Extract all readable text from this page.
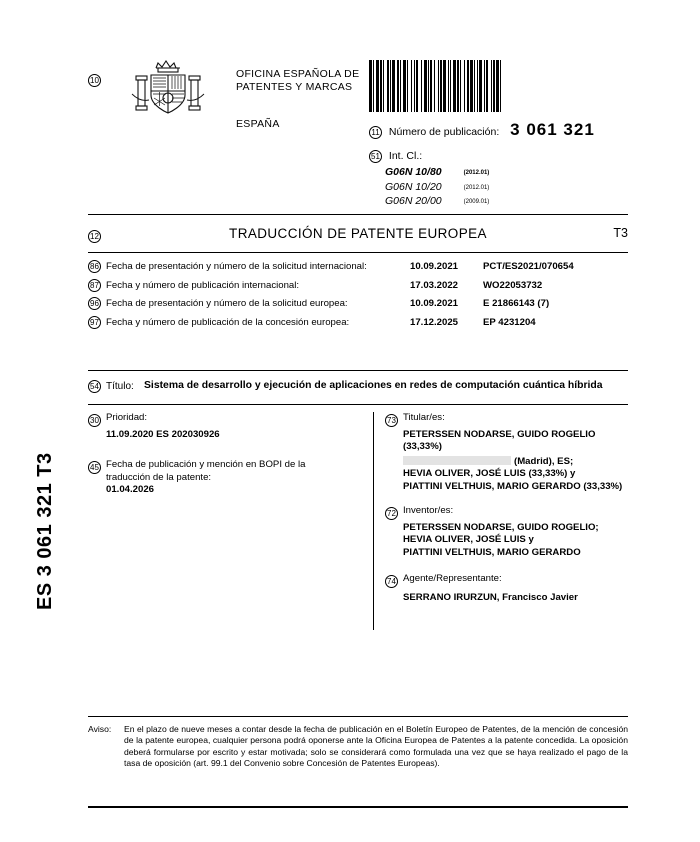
ES 3 061 321 T3
10
OFICINA ESPAÑOLA DE
PATENTES Y MARCAS
ESPAÑA
11 Número de publicación: 3 061 321
51 Int. Cl.:
G06N 10/80	(2012.01)
G06N 10/20	(2012.01)
G06N 20/00	(2009.01)
12	TRADUCCIÓN DE PATENTE EUROPEA	T3
86 Fecha de presentación y número de la solicitud internacional:	10.09.2021	PCT/ES2021/070654
87 Fecha y número de publicación internacional:	17.03.2022	WO22053732
96 Fecha de presentación y número de la solicitud europea:	10.09.2021	E 21866143 (7)
97 Fecha y número de publicación de la concesión europea:	17.12.2025	EP 4231204
54 Título: Sistema de desarrollo y ejecución de aplicaciones en redes de computación cuántica híbrida
30 Prioridad:
11.09.2020 ES 202030926
45 Fecha de publicación y mención en BOPI de la
traducción de la patente:
01.04.2026
73 Titular/es:
PETERSSEN NODARSE, GUIDO ROGELIO
(33,33%)
(Madrid), ES;
HEVIA OLIVER, JOSÉ LUIS (33,33%) y
PIATTINI VELTHUIS, MARIO GERARDO (33,33%)
72 Inventor/es:
PETERSSEN NODARSE, GUIDO ROGELIO;
HEVIA OLIVER, JOSÉ LUIS y
PIATTINI VELTHUIS, MARIO GERARDO
74 Agente/Representante:
SERRANO IRURZUN, Francisco Javier
Aviso: En el plazo de nueve meses a contar desde la fecha de publicación en el Boletín Europeo de Patentes, de la mención de concesión de la patente europea, cualquier persona podrá oponerse ante la Oficina Europea de Patentes a la patente concedida. La oposición deberá formularse por escrito y estar motivada; solo se considerará como formulada una vez que se haya realizado el pago de la tasa de oposición (art. 99.1 del Convenio sobre Concesión de Patentes Europeas).
